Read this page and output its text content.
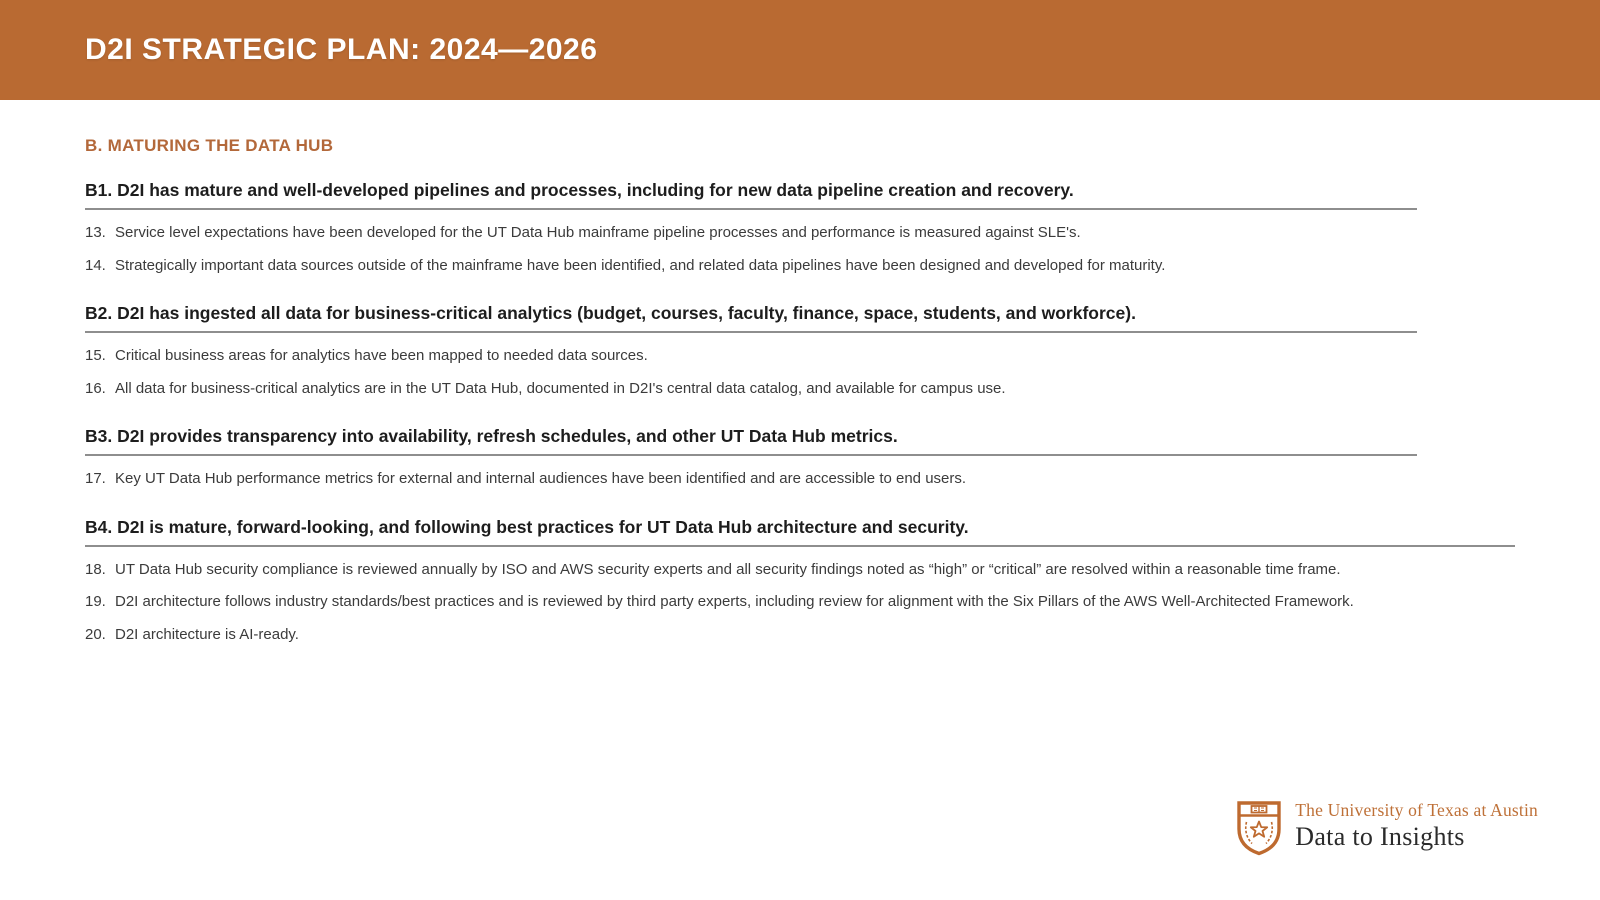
D2I STRATEGIC PLAN: 2024—2026
B. MATURING THE DATA HUB
B1. D2I has mature and well-developed pipelines and processes, including for new data pipeline creation and recovery.
13. Service level expectations have been developed for the UT Data Hub mainframe pipeline processes and performance is measured against SLE's.
14. Strategically important data sources outside of the mainframe have been identified, and related data pipelines have been designed and developed for maturity.
B2. D2I has ingested all data for business-critical analytics (budget, courses, faculty, finance, space, students, and workforce).
15. Critical business areas for analytics have been mapped to needed data sources.
16. All data for business-critical analytics are in the UT Data Hub, documented in D2I's central data catalog, and available for campus use.
B3. D2I provides transparency into availability, refresh schedules, and other UT Data Hub metrics.
17. Key UT Data Hub performance metrics for external and internal audiences have been identified and are accessible to end users.
B4. D2I is mature, forward-looking, and following best practices for UT Data Hub architecture and security.
18. UT Data Hub security compliance is reviewed annually by ISO and AWS security experts and all security findings noted as “high” or “critical” are resolved within a reasonable time frame.
19. D2I architecture follows industry standards/best practices and is reviewed by third party experts, including review for alignment with the Six Pillars of the AWS Well-Architected Framework.
20. D2I architecture is AI-ready.
The University of Texas at Austin
Data to Insights
